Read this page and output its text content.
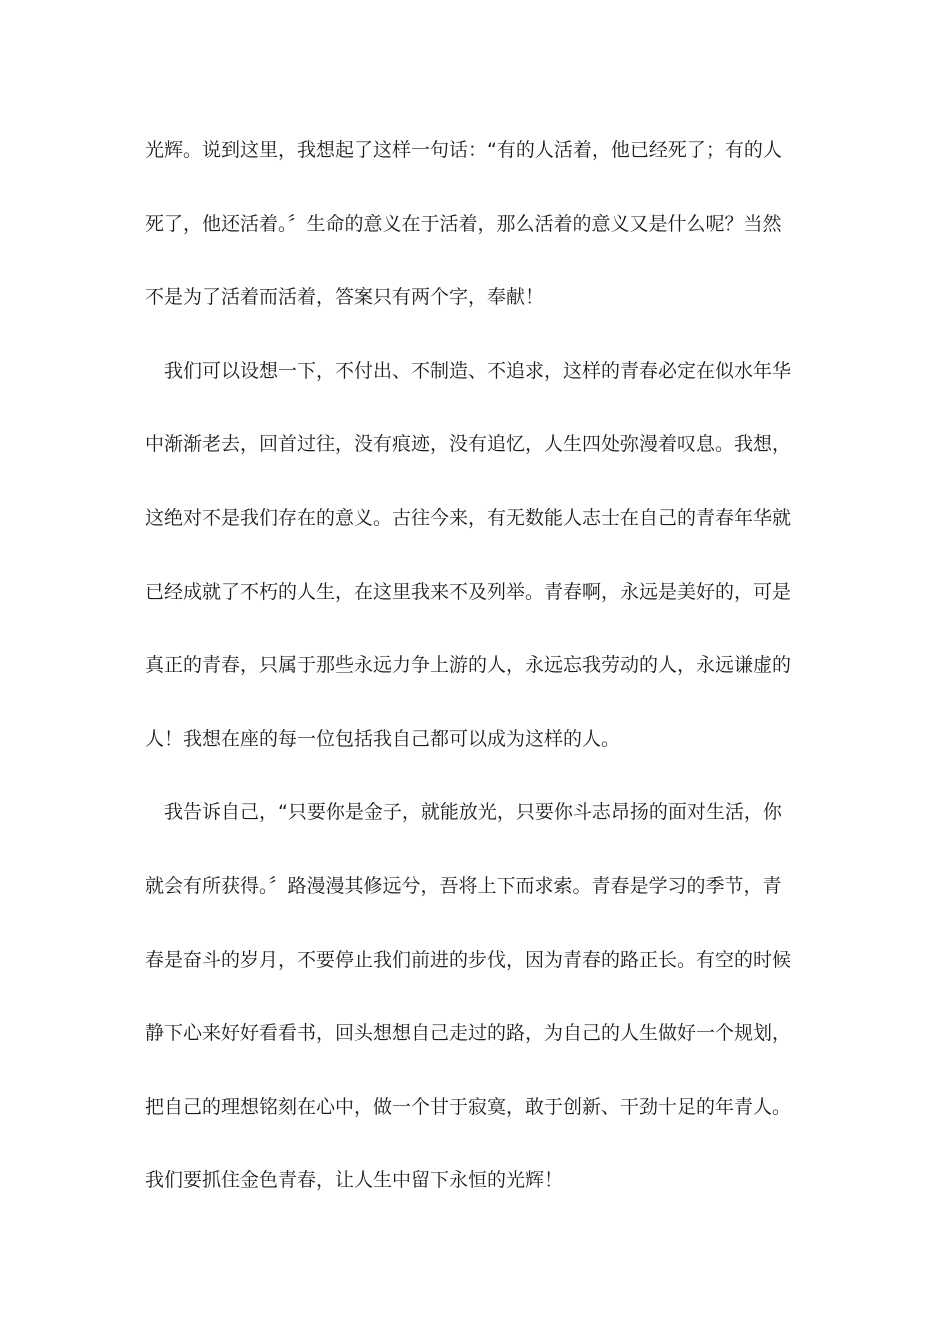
光辉。说到这里，我想起了这样一句话：“有的人活着，他已经死了；有的人
死了，他还活着。〞生命的意义在于活着，那么活着的意义又是什么呢？当然
不是为了活着而活着，答案只有两个字，奉献！
我们可以设想一下，不付出、不制造、不追求，这样的青春必定在似水年华
中渐渐老去，回首过往，没有痕迹，没有追忆，人生四处弥漫着叹息。我想，
这绝对不是我们存在的意义。古往今来，有无数能人志士在自己的青春年华就
已经成就了不朽的人生，在这里我来不及列举。青春啊，永远是美好的，可是
真正的青春，只属于那些永远力争上游的人，永远忘我劳动的人，永远谦虚的
人！我想在座的每一位包括我自己都可以成为这样的人。
我告诉自己，“只要你是金子，就能放光，只要你斗志昂扬的面对生活，你
就会有所获得。〞路漫漫其修远兮，吾将上下而求索。青春是学习的季节，青
春是奋斗的岁月，不要停止我们前进的步伐，因为青春的路正长。有空的时候
静下心来好好看看书，回头想想自己走过的路，为自己的人生做好一个规划，
把自己的理想铭刻在心中，做一个甘于寂寞，敢于创新、干劲十足的年青人。
我们要抓住金色青春，让人生中留下永恒的光辉！
